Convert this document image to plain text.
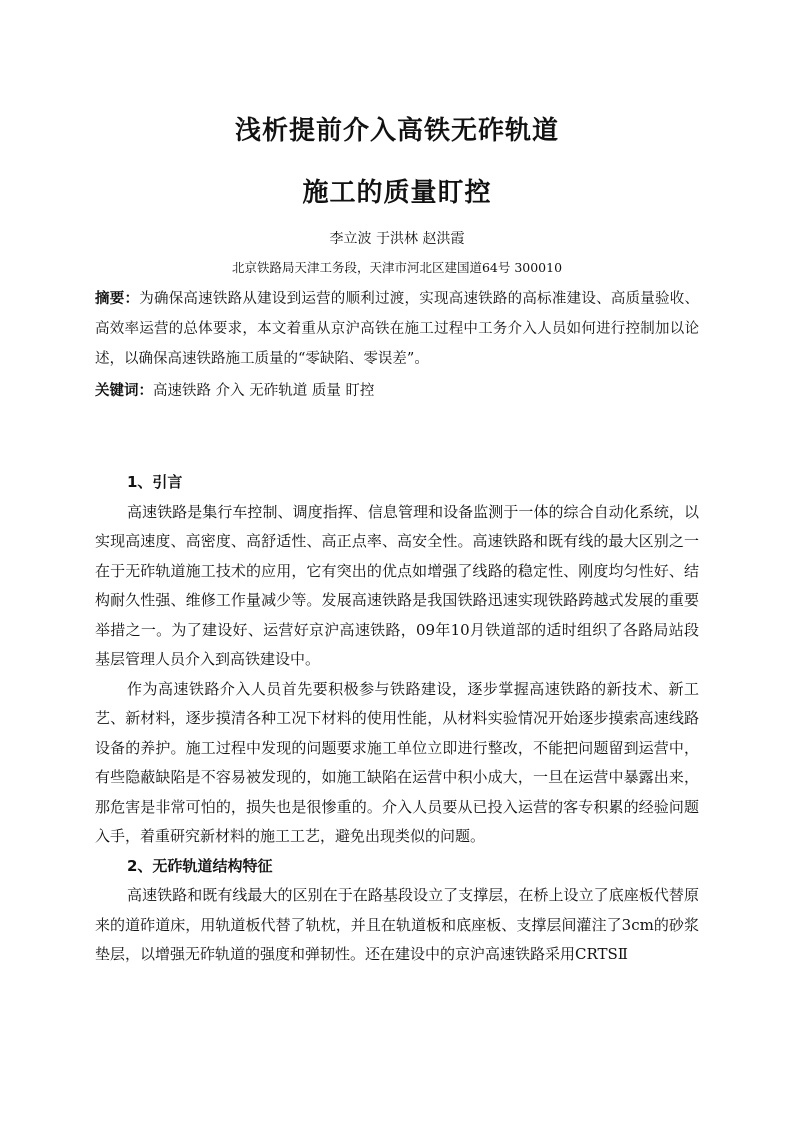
浅析提前介入高铁无砟轨道
施工的质量盯控

李立波 于洪林 赵洪霞

北京铁路局天津工务段，天津市河北区建国道64号 300010

摘要：为确保高速铁路从建设到运营的顺利过渡，实现高速铁路的高标准建设、高质量验收、高效率运营的总体要求，本文着重从京沪高铁在施工过程中工务介入人员如何进行控制加以论述，以确保高速铁路施工质量的“零缺陷、零误差”。

关键词：高速铁路 介入 无砟轨道 质量 盯控

1、引言

高速铁路是集行车控制、调度指挥、信息管理和设备监测于一体的综合自动化系统，以实现高速度、高密度、高舒适性、高正点率、高安全性。高速铁路和既有线的最大区别之一在于无砟轨道施工技术的应用，它有突出的优点如增强了线路的稳定性、刚度均匀性好、结构耐久性强、维修工作量减少等。发展高速铁路是我国铁路迅速实现铁路跨越式发展的重要举措之一。为了建设好、运营好京沪高速铁路，09年10月铁道部的适时组织了各路局站段基层管理人员介入到高铁建设中。

作为高速铁路介入人员首先要积极参与铁路建设，逐步掌握高速铁路的新技术、新工艺、新材料，逐步摸清各种工况下材料的使用性能，从材料实验情况开始逐步摸索高速线路设备的养护。施工过程中发现的问题要求施工单位立即进行整改，不能把问题留到运营中，有些隐蔽缺陷是不容易被发现的，如施工缺陷在运营中积小成大，一旦在运营中暴露出来，那危害是非常可怕的，损失也是很惨重的。介入人员要从已投入运营的客专积累的经验问题入手，着重研究新材料的施工工艺，避免出现类似的问题。

2、无砟轨道结构特征

高速铁路和既有线最大的区别在于在路基段设立了支撑层，在桥上设立了底座板代替原来的道砟道床，用轨道板代替了轨枕，并且在轨道板和底座板、支撑层间灌注了3cm的砂浆垫层，以增强无砟轨道的强度和弹韧性。还在建设中的京沪高速铁路采用CRTSⅡ
